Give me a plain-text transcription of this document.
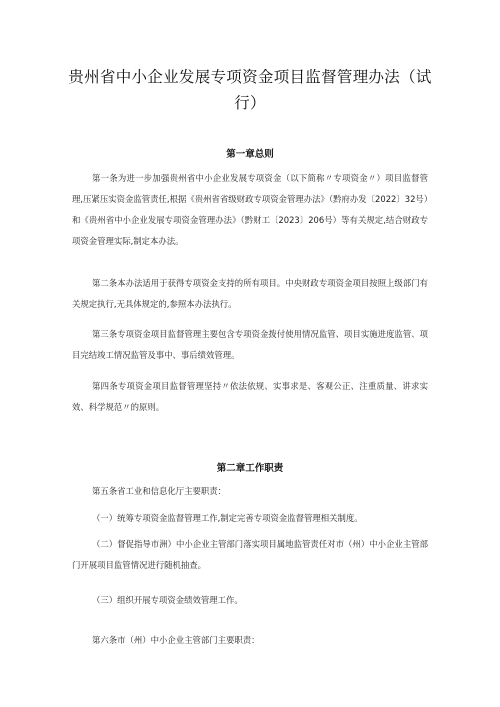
贵州省中小企业发展专项资金项目监督管理办法（试行）
第一章总则
第一条为进一步加强贵州省中小企业发展专项资金（以下简称〃专项资金〃）项目监督管理,压紧压实资金监管责任,根据《贵州省省级财政专项资金管理办法》（黔府办发〔2022〕32号）和《贵州省中小企业发展专项资金管理办法》（黔财工〔2023〕206号）等有关规定,结合财政专项资金管理实际,制定本办法。
第二条本办法适用于获得专项资金支持的所有项目。中央财政专项资金项目按照上级部门有关规定执行,无具体规定的,参照本办法执行。
第三条专项资金项目监督管理主要包含专项资金拨付使用情况监管、项目实施进度监管、项目完结竣工情况监管及事中、事后绩效管理。
第四条专项资金项目监督管理坚持〃依法依规、实事求是、客观公正、注重质量、讲求实效、科学规范〃的原则。
第二章工作职责
第五条省工业和信息化厅主要职责：
（一）统筹专项资金监督管理工作,制定完善专项资金监督管理相关制度。
（二）督促指导市洲）中小企业主管部门落实项目属地监管责任对市（州）中小企业主管部门开展项目监管情况进行随机抽查。
（三）组织开展专项资金绩效管理工作。
第六条市（州）中小企业主管部门主要职责：
